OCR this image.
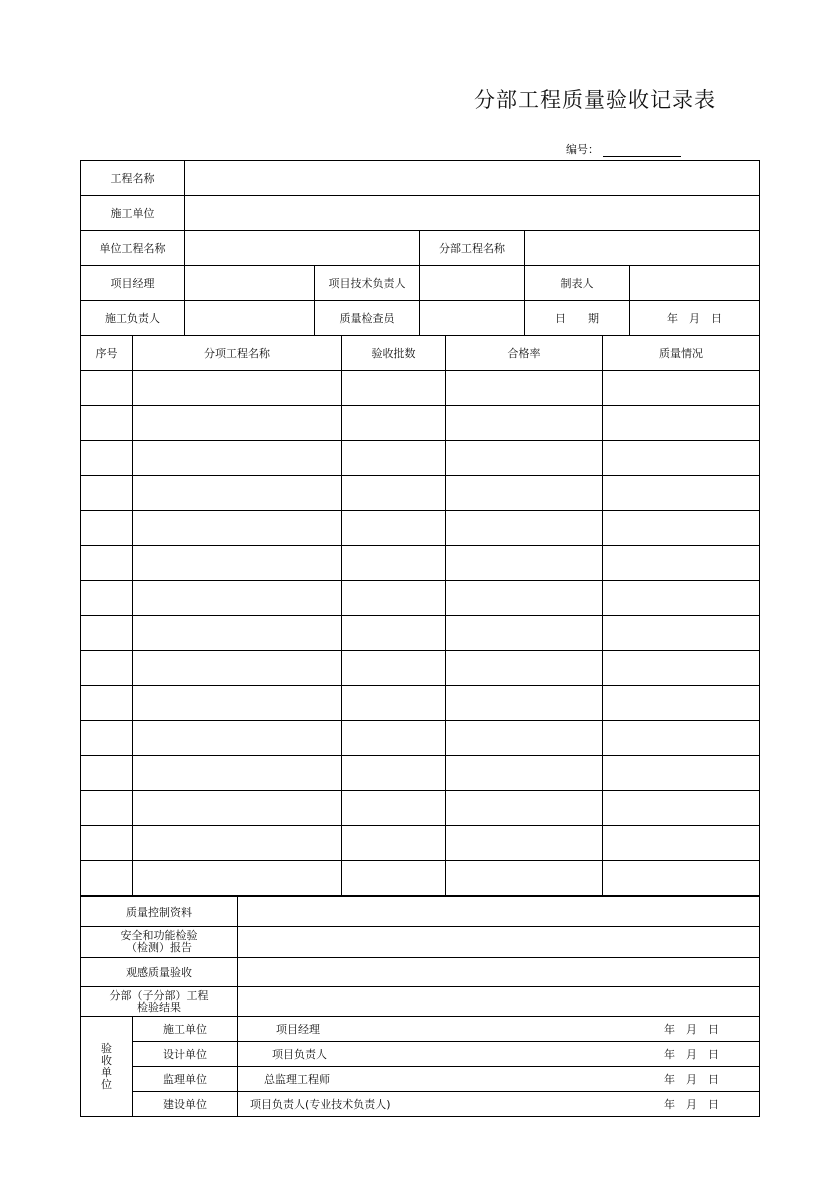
分部工程质量验收记录表
编号：
工程名称					
施工单位					
单位工程名称			分部工程名称		
项目经理		项目技术负责人		制表人	
施工负责人		质量检查员		日　　期	年　月　日
序号	分项工程名称	验收批数	合格率	质量情况

质量控制资料		

安全和功能检验
（检测）报告		

观感质量验收		

分部（子分部）工程
检验结果		

验收单位	施工单位	项目经理 年　月　日

	设计单位	项目负责人 年　月　日

	监理单位	总监理工程师 年　月　日

	建设单位	项目负责人(专业技术负责人) 年　月　日
